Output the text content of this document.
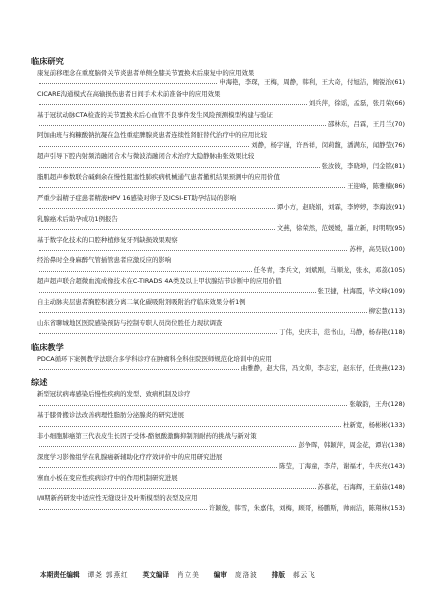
临床研究
康复前移理念在重度脑骨关节炎患者单侧全膝关节置换术后康复中的应用效果
申海艳，李琛，王梅，周静，韩利，王大奇，付旭洁，鲍锐治 (61)
CICARE沟通模式在高输损伤患者日间手术术前准备中的应用效果
刘兵萍，徐谣，孟磊，张月荣 (66)
基于冠状动脉CTA检查的关节置换术后心血管不良事件发生风险预测模型构建与验证
邵林东，吕霖，王月兰 (70)
阿加曲班与拘糠酸钠抗凝在急性重症脾腺炎患者连续性肾脏替代治疗中的应用比较
刘静，杨宇谨，许吾祥，闵莉馥，潘满东，闻静莹 (76)
超声引导下腔内射频消融闭合术与微波消融闭合术治疗大隐静脉曲张效果比较
张汝彼，李晓坤，闫金铭 (81)
脂肌超声参数联合碱剩余在慢性阻塞性肺疾病机械通气患者撤机结果预测中的应用价值
王迎峰，陈雅楠 (86)
严重少弱精子症患者精液HPV 16感染对卵子及ICSI-ET助孕结局的影响
谭小方，赵晓娟，刘霖，李婷婷，李海波 (91)
乳腺癌术后助孕成功1例报告
文燕，徐荣然，范媛媛，墨立新，时明明 (95)
基于数字化技术的口腔种植修复牙列缺损效果观察
苏梓，高昊辰 (100)
经治鼻时全身麻醉气管插管患者应激反应的影响
任冬青，李兵文，刘斌刚，马顺龙，张永，邓荔 (105)
超声超声联合超微血流成像技术在C-TIRADS 4A类及以上甲状腺结节诊断中的应用价值
张卫捷，杜海霞，毕文峰 (109)
自主动脉夹层患者胸腔积液分离二氧化碳吸附剂吸附治疗临床效果分析1例
柳宏慧 (113)
山东省聊城地区医院感染预防与控制专职人员岗位胜任力现状调查
丁伟，史庆丰，范书山，马静，杨春艳 (118)
临床教学
PDCA循环下案例教学法联合多学科诊疗在肿瘤科全科住院医师规范化培训中的应用
曲雅静，赵大伟，冯文仰，李志宏，赵东仔，任贵燕 (123)
综述
新型冠状病毒感染后慢性疾病的发型、致病机制及诊疗
张敏韵，王舟 (128)
基于膝骨搬诊法改善病理性脂肪分泌腺炎的研究进展
杜新宽，杨彬彬 (133)
非小细胞肺癌第三代表皮生长因子受体-酪氨酸激酶抑制剂耐药的挑战与新对策
彭争晖，韩颖萍，周金花，谭岩 (138)
深度学习影像组学在乳腺癌新辅助化疗疗效评价中的应用研究进展
陈莹，丁海童，李芹，谢福才，牛庆亮 (143)
寨血小板在变应性疾病诊疗中的作用机制研究进展
苏慕花，石海辉，王茹茹 (148)
Ⅰ/Ⅱ期新药研发中适应性无缝设计及叶斯模型的表型及应用
许颖俊，韩雪，朱嘉伟，刘梅，顾哥，杨鹏斯，帅雨洁，陈翔林 (153)
本期责任编辑 谭尧 郭燕红 英文编译 肖立美 编审 庞洛波 排版 郝云飞
